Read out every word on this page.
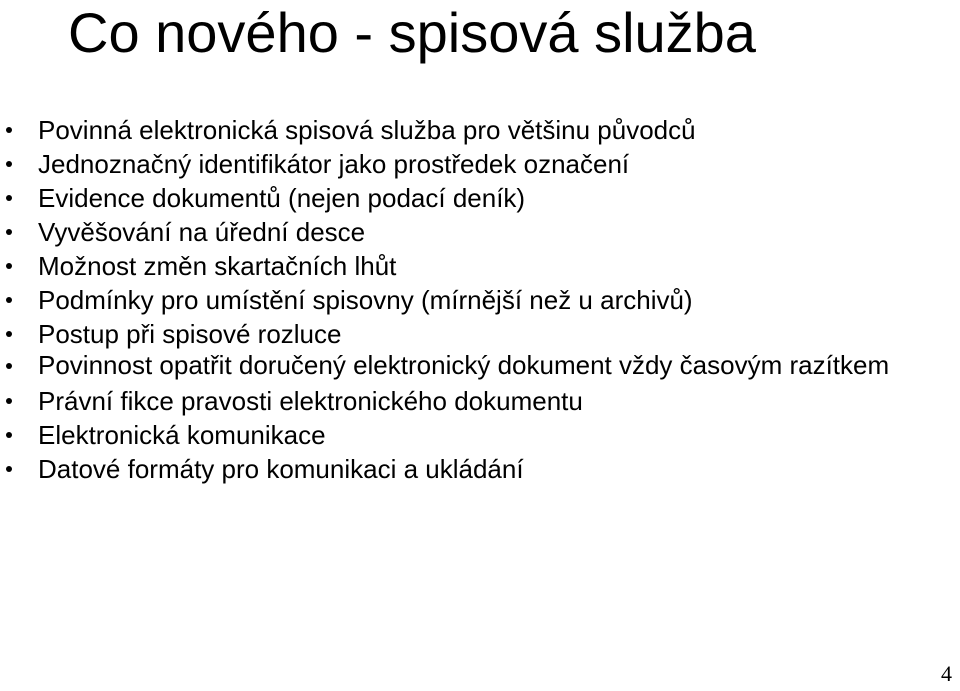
Co nového - spisová služba
Povinná elektronická spisová služba pro většinu původců
Jednoznačný identifikátor jako prostředek označení
Evidence dokumentů (nejen podací deník)
Vyvěšování na úřední desce
Možnost změn skartačních lhůt
Podmínky pro umístění spisovny (mírnější než u archivů)
Postup při spisové rozluce
Povinnost opatřit doručený elektronický dokument vždy časovým razítkem
Právní fikce pravosti elektronického dokumentu
Elektronická komunikace
Datové formáty pro komunikaci a ukládání
4
